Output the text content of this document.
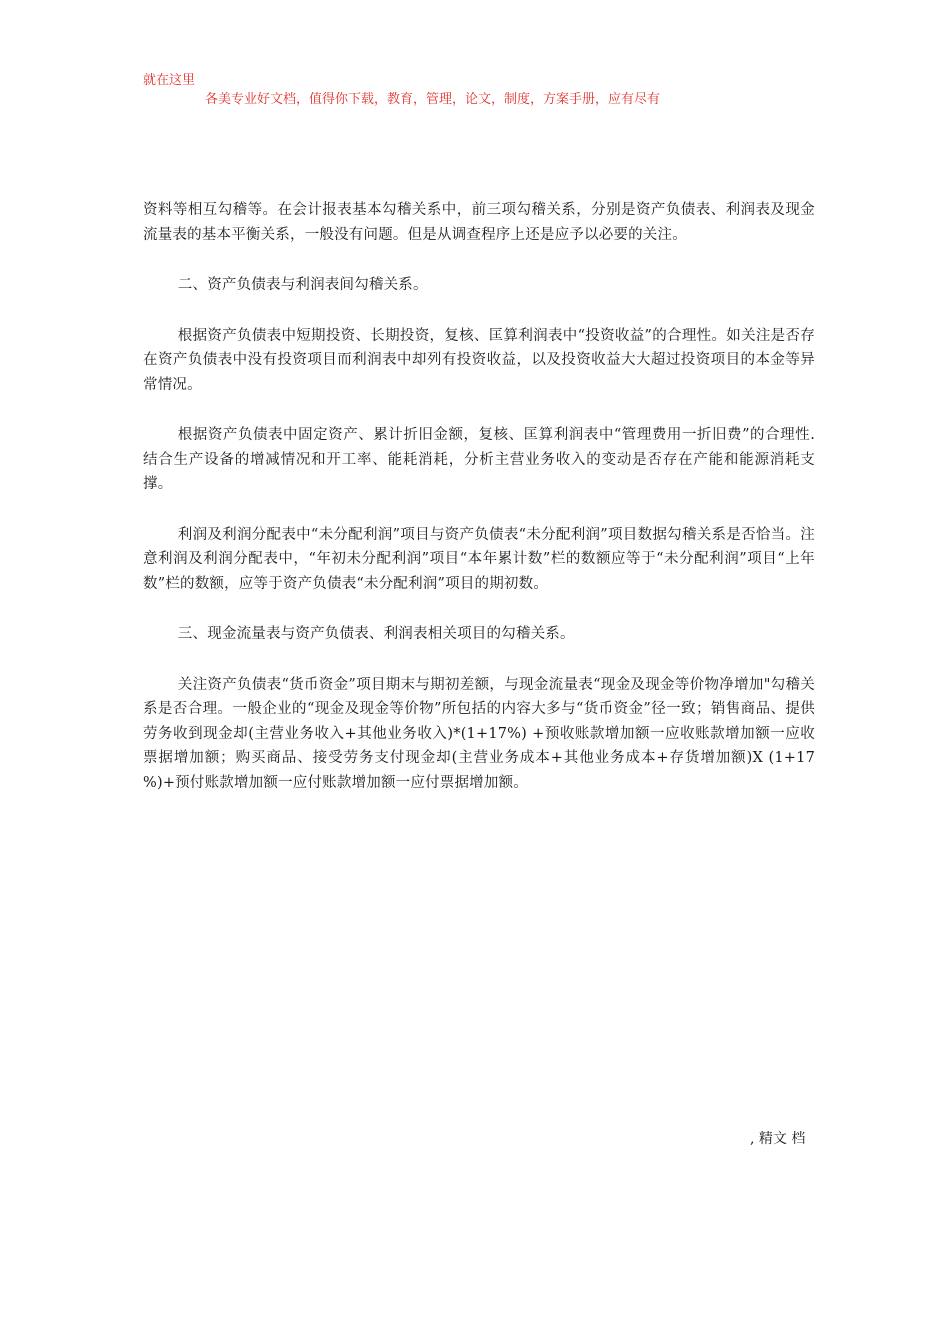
就在这里
各美专业好文档，值得你下载，教育，管理，论文，制度，方案手册，应有尽有

资料等相互勾稽等。在会计报表基本勾稽关系中，前三项勾稽关系，分别是资产负债表、利润表及现金流量表的基本平衡关系，一般没有问题。但是从调查程序上还是应予以必要的关注。

二、资产负债表与利润表间勾稽关系。

根据资产负债表中短期投资、长期投资，复核、匡算利润表中“投资收益”的合理性。如关注是否存在资产负债表中没有投资项目而利润表中却列有投资收益，以及投资收益大大超过投资项目的本金等异常情况。

根据资产负债表中固定资产、累计折旧金额，复核、匡算利润表中“管理费用一折旧费”的合理性.结合生产设备的增减情况和开工率、能耗消耗，分析主营业务收入的变动是否存在产能和能源消耗支撑。

利润及利润分配表中“未分配利润”项目与资产负债表“未分配利润”项目数据勾稽关系是否恰当。注意利润及利润分配表中，“年初未分配利润”项目“本年累计数”栏的数额应等于“未分配利润”项目“上年数”栏的数额，应等于资产负债表“未分配利润”项目的期初数。

三、现金流量表与资产负债表、利润表相关项目的勾稽关系。

关注资产负债表“货币资金”项目期末与期初差额，与现金流量表“现金及现金等价物净增加"勾稽关系是否合理。一般企业的“现金及现金等价物”所包括的内容大多与“货币资金”径一致；销售商品、提供劳务收到现金却(主营业务收入+其他业务收入)*(1+17%) +预收账款增加额一应收账款增加额一应收票据增加额；购买商品、接受劳务支付现金却(主营业务成本+其他业务成本+存货增加额)X (1+17 %)+预付账款增加额一应付账款增加额一应付票据增加额。

, 精文 档
